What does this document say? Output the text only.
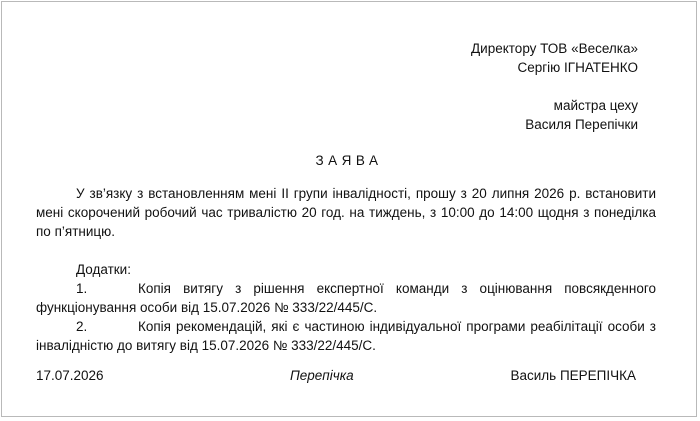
Директору ТОВ «Веселка»
Сергію ІГНАТЕНКО
майстра цеху
Василя Перепічки
ЗАЯВА

У зв’язку з встановленням мені ІІ групи інвалідності, прошу з 20 липня 2026 р. встановити мені скорочений робочий час тривалістю 20 год. на тиждень, з 10:00 до 14:00 щодня з понеділка по п’ятницю.

Додатки:

1.	Копія витягу з рішення експертної команди з оцінювання повсякденного функціонування особи від 15.07.2026 № 333/22/445/С.

2.	Копія рекомендацій, які є частиною індивідуальної програми реабілітації особи з інвалідністю до витягу від 15.07.2026 № 333/22/445/С.

17.07.2026	Перепічка	Василь ПЕРЕПІЧКА
